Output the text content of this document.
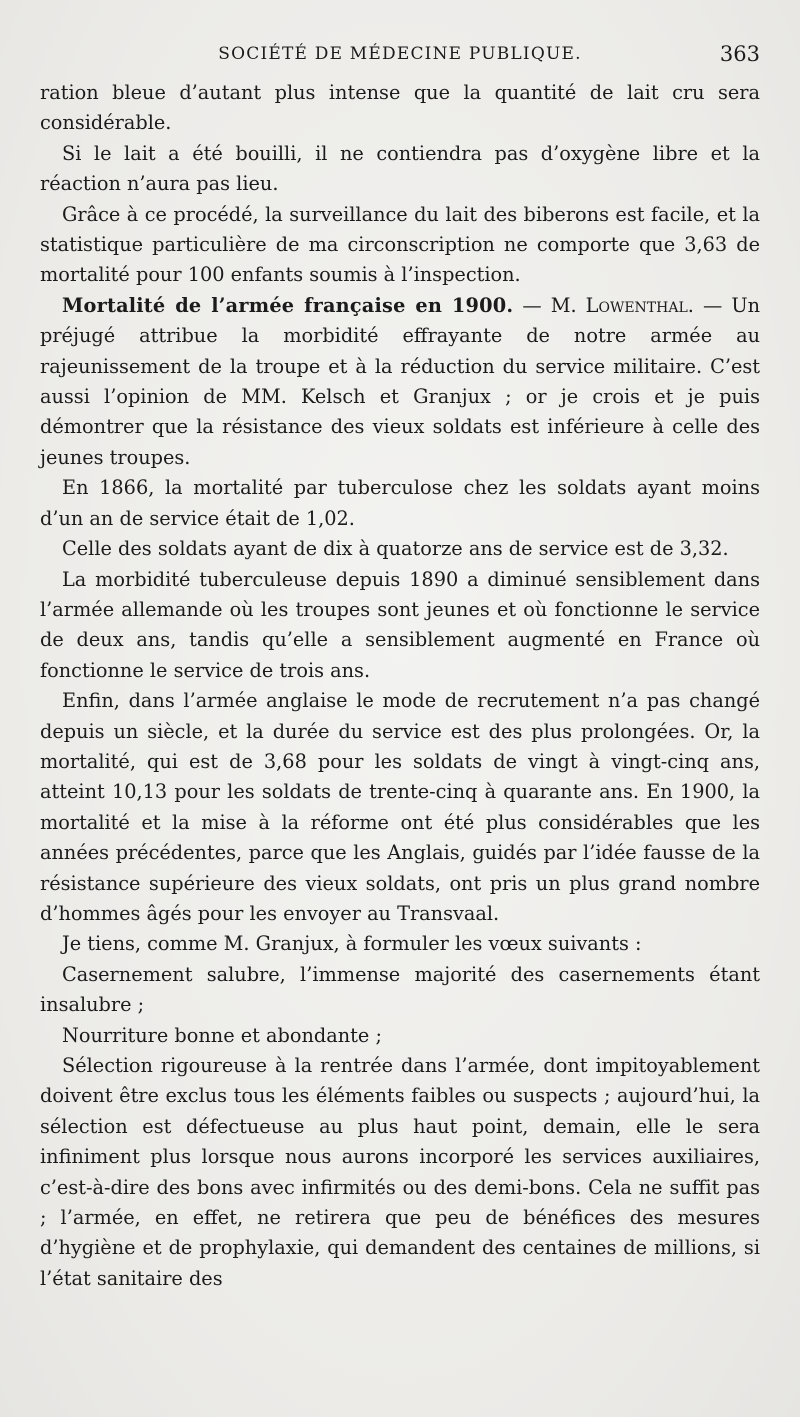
SOCIÉTÉ DE MÉDECINE PUBLIQUE.	363

ration bleue d’autant plus intense que la quantité de lait cru sera considérable.

Si le lait a été bouilli, il ne contiendra pas d’oxygène libre et la réaction n’aura pas lieu.

Grâce à ce procédé, la surveillance du lait des biberons est facile, et la statistique particulière de ma circonscription ne comporte que 3,63 de mortalité pour 100 enfants soumis à l’inspection.

Mortalité de l’armée française en 1900. — M. Lowenthal. — Un préjugé attribue la morbidité effrayante de notre armée au rajeunissement de la troupe et à la réduction du service militaire. C’est aussi l’opinion de MM. Kelsch et Granjux ; or je crois et je puis démontrer que la résistance des vieux soldats est inférieure à celle des jeunes troupes.

En 1866, la mortalité par tuberculose chez les soldats ayant moins d’un an de service était de 1,02.

Celle des soldats ayant de dix à quatorze ans de service est de 3,32.

La morbidité tuberculeuse depuis 1890 a diminué sensiblement dans l’armée allemande où les troupes sont jeunes et où fonctionne le service de deux ans, tandis qu’elle a sensiblement augmenté en France où fonctionne le service de trois ans.

Enfin, dans l’armée anglaise le mode de recrutement n’a pas changé depuis un siècle, et la durée du service est des plus prolongées. Or, la mortalité, qui est de 3,68 pour les soldats de vingt à vingt-cinq ans, atteint 10,13 pour les soldats de trente-cinq à quarante ans. En 1900, la mortalité et la mise à la réforme ont été plus considérables que les années précédentes, parce que les Anglais, guidés par l’idée fausse de la résistance supérieure des vieux soldats, ont pris un plus grand nombre d’hommes âgés pour les envoyer au Transvaal.

Je tiens, comme M. Granjux, à formuler les vœux suivants :

Casernement salubre, l’immense majorité des casernements étant insalubre ;

Nourriture bonne et abondante ;

Sélection rigoureuse à la rentrée dans l’armée, dont impitoyablement doivent être exclus tous les éléments faibles ou suspects ; aujourd’hui, la sélection est défectueuse au plus haut point, demain, elle le sera infiniment plus lorsque nous aurons incorporé les services auxiliaires, c’est-à-dire des bons avec infirmités ou des demi-bons. Cela ne suffit pas ; l’armée, en effet, ne retirera que peu de bénéfices des mesures d’hygiène et de prophylaxie, qui demandent des centaines de millions, si l’état sanitaire des
